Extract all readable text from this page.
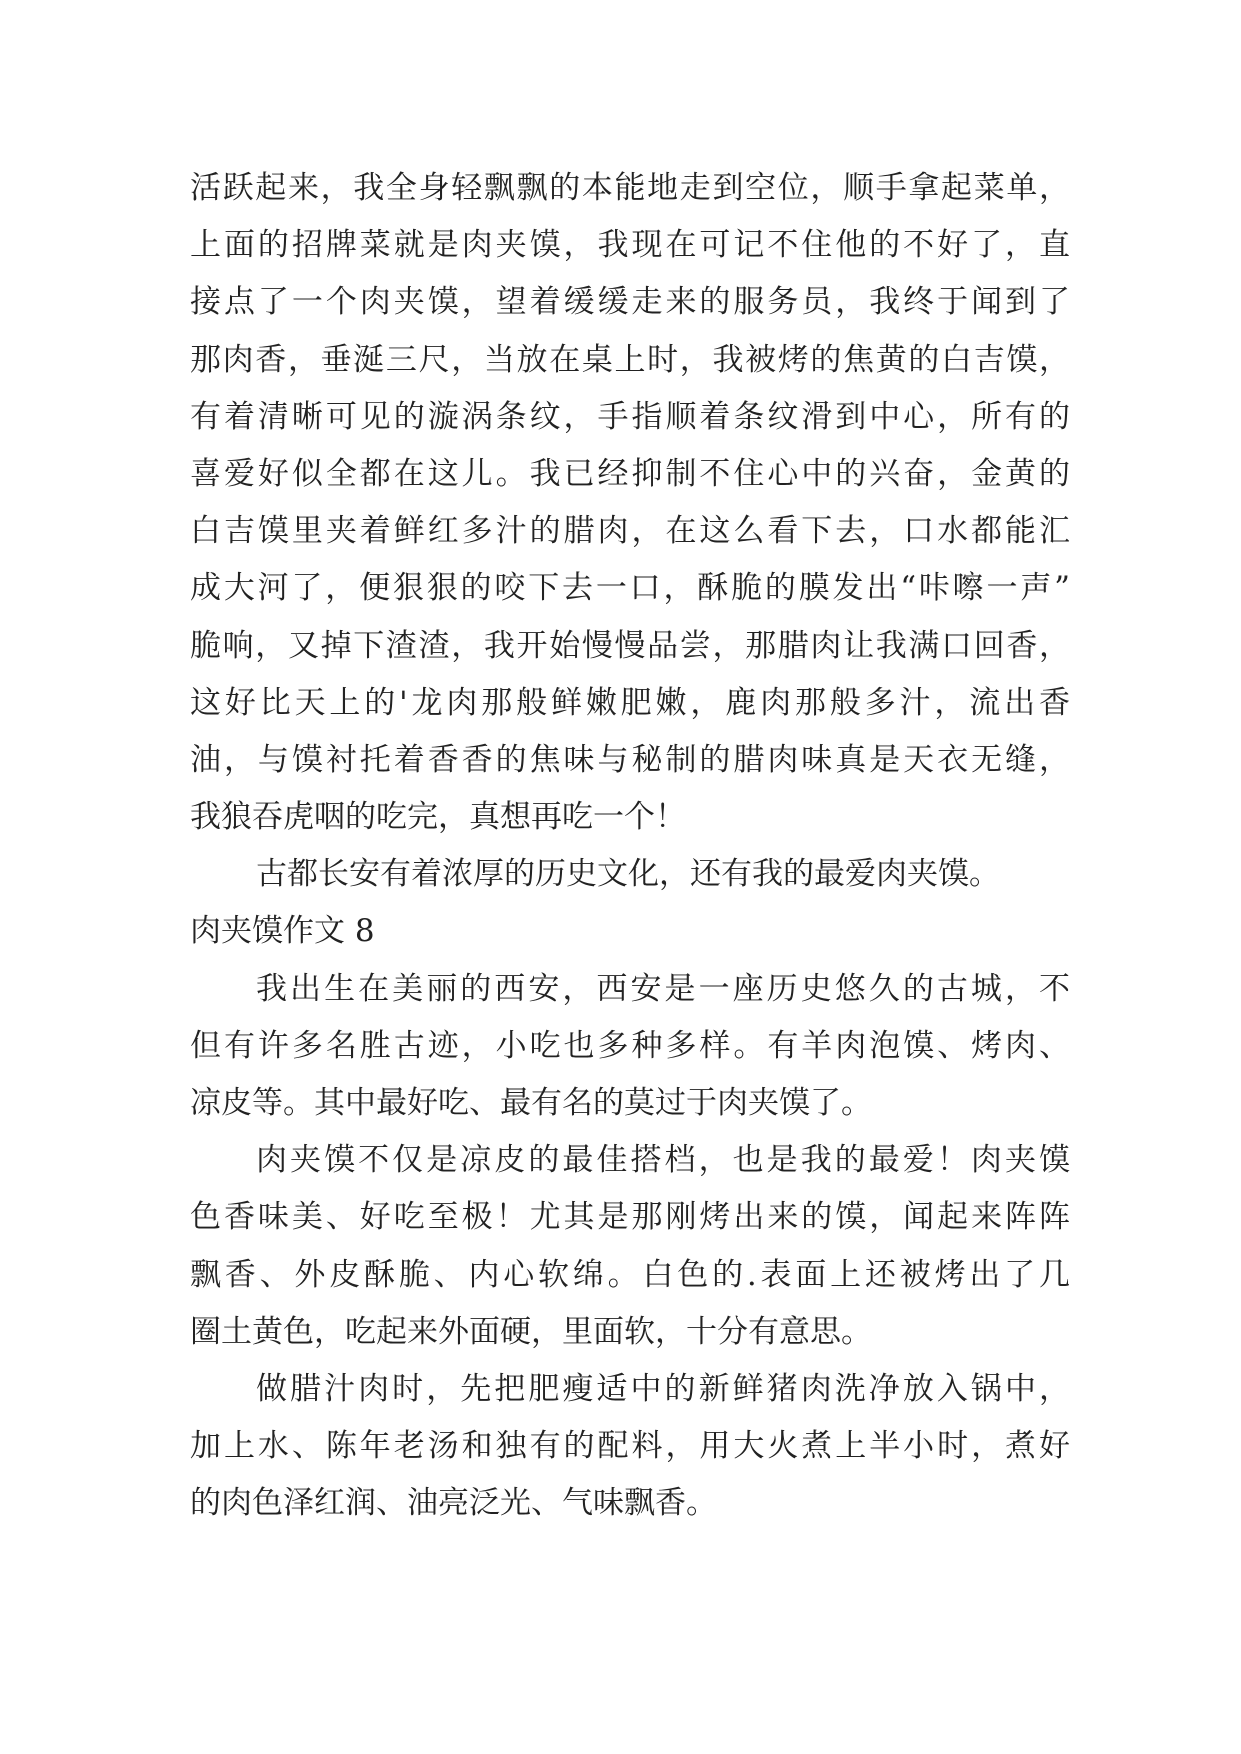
活跃起来，我全身轻飘飘的本能地走到空位，顺手拿起菜单，
上面的招牌菜就是肉夹馍，我现在可记不住他的不好了，直
接点了一个肉夹馍，望着缓缓走来的服务员，我终于闻到了
那肉香，垂涎三尺，当放在桌上时，我被烤的焦黄的白吉馍，
有着清晰可见的漩涡条纹，手指顺着条纹滑到中心，所有的
喜爱好似全都在这儿。我已经抑制不住心中的兴奋，金黄的
白吉馍里夹着鲜红多汁的腊肉，在这么看下去，口水都能汇
成大河了，便狠狠的咬下去一口，酥脆的膜发出“咔嚓一声”
脆响，又掉下渣渣，我开始慢慢品尝，那腊肉让我满口回香，
这好比天上的'龙肉那般鲜嫩肥嫩，鹿肉那般多汁，流出香
油，与馍衬托着香香的焦味与秘制的腊肉味真是天衣无缝，
我狼吞虎咽的吃完，真想再吃一个！
古都长安有着浓厚的历史文化，还有我的最爱肉夹馍。
肉夹馍作文 8
我出生在美丽的西安，西安是一座历史悠久的古城，不
但有许多名胜古迹，小吃也多种多样。有羊肉泡馍、烤肉、
凉皮等。其中最好吃、最有名的莫过于肉夹馍了。
肉夹馍不仅是凉皮的最佳搭档，也是我的最爱！肉夹馍
色香味美、好吃至极！尤其是那刚烤出来的馍，闻起来阵阵
飘香、外皮酥脆、内心软绵。白色的.表面上还被烤出了几
圈土黄色，吃起来外面硬，里面软，十分有意思。
做腊汁肉时，先把肥瘦适中的新鲜猪肉洗净放入锅中，
加上水、陈年老汤和独有的配料，用大火煮上半小时，煮好
的肉色泽红润、油亮泛光、气味飘香。
